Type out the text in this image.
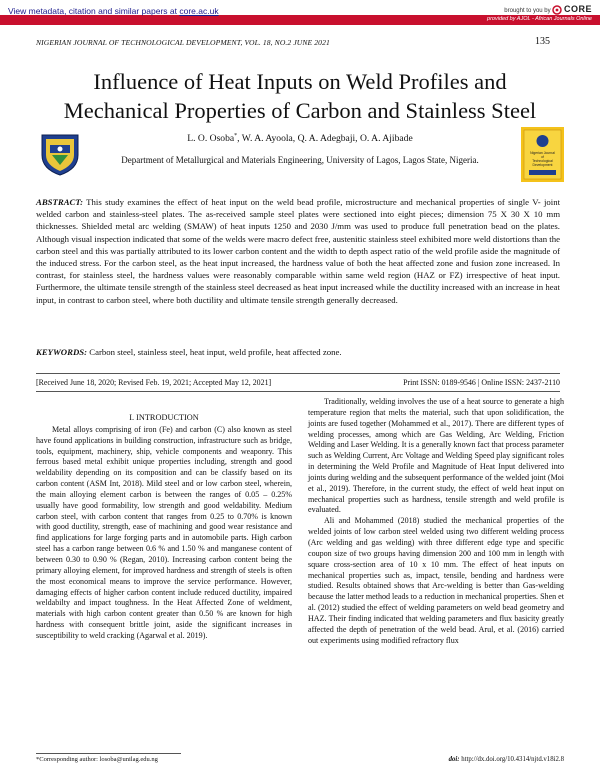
View metadata, citation and similar papers at core.ac.uk	brought to you by CORE
provided by AJOL - African Journals Online
NIGERIAN JOURNAL OF TECHNOLOGICAL DEVELOPMENT, VOL. 18, NO.2 JUNE 2021	135
Influence of Heat Inputs on Weld Profiles and
Mechanical Properties of Carbon and Stainless Steel
L. O. Osoba*, W. A. Ayoola, Q. A. Adegbaji, O. A. Ajibade
Department of Metallurgical and Materials Engineering, University of Lagos, Lagos State, Nigeria.
Nigerian Journal
of
Technological
Development
ABSTRACT: This study examines the effect of heat input on the weld bead profile, microstructure and mechanical properties of single V- joint welded carbon and stainless-steel plates. The as-received sample steel plates were sectioned into eight pieces; dimension 75 X 30 X 10 mm thicknesses. Shielded metal arc welding (SMAW) of heat inputs 1250 and 2030 J/mm was used to produce full penetration bead on the plates. Although visual inspection indicated that some of the welds were macro defect free, austenitic stainless steel exhibited more weld distortions than the carbon steel and this was partially attributed to its lower carbon content and the width to depth aspect ratio of the weld profile aside the magnitude of the induced stress. For the carbon steel, as the heat input increased, the hardness value of both the heat affected zone and fusion zone increased. In contrast, for stainless steel, the hardness values were reasonably comparable within same weld region (HAZ or FZ) irrespective of heat input. Furthermore, the ultimate tensile strength of the stainless steel decreased as heat input increased while the ductility increased with an increase in heat input, in contrast to carbon steel, where both ductility and ultimate tensile strength generally decreased.
KEYWORDS: Carbon steel, stainless steel, heat input, weld profile, heat affected zone.
[Received June 18, 2020; Revised Feb. 19, 2021; Accepted May 12, 2021]	Print ISSN: 0189-9546 | Online ISSN: 2437-2110

I. INTRODUCTION

Metal alloys comprising of iron (Fe) and carbon (C) also known as steel have found applications in building construction, infrastructure such as bridge, tools, equipment, machinery, ship, vehicle components and weaponry. This ferrous based metal exhibit unique properties including, strength and good weldability depending on its composition and can be classify based on its carbon content (ASM Int, 2018). Mild steel and or low carbon steel, wherein, the main alloying element carbon is between the ranges of 0.05 – 0.25% usually have good formability, low strength and good weldability. Medium carbon steel, with carbon content that ranges from 0.25 to 0.70% is known with good ductility, strength, ease of machining and good wear resistance and find applications for large forging parts and in automobile parts. High carbon steel has a carbon range between 0.6 % and 1.50 % and manganese content of between 0.30 to 0.90 % (Regan, 2010). Increasing carbon content being the primary alloying element, for improved hardness and strength of steels is often the most economical means to improve the service performance. However, damaging effects of higher carbon content include reduced ductility, impaired weldabilty and impact toughness. In the Heat Affected Zone of weldment, materials with high carbon content greater than 0.50 % are known for high hardness with consequent brittle joint, aside the significant increases in susceptibility to weld cracking (Agarwal et al. 2019).

Traditionally, welding involves the use of a heat source to generate a high temperature region that melts the material, such that upon solidification, the joints are fused together (Mohammed et al., 2017). There are different types of welding processes, among which are Gas Welding, Arc Welding, Friction Welding and Laser Welding. It is a generally known fact that process parameter such as Welding Current, Arc Voltage and Welding Speed play significant roles in determining the Weld Profile and Magnitude of Heat Input delivered into joints during welding and the subsequent performance of the welded joint (Moi et al., 2019). Therefore, in the current study, the effect of weld heat input on mechanical properties such as hardness, tensile strength and weld profile is evaluated.

Ali and Mohammed (2018) studied the mechanical properties of the welded joints of low carbon steel welded using two different welding process (Arc welding and gas welding) with three different edge type and specific coupon size of two groups having dimension 200 and 100 mm in length with square cross-section area of 10 x 10 mm. The effect of heat inputs on mechanical properties such as, impact, tensile, bending and hardness were studied. Results obtained shows that Arc-welding is better than Gas-welding because the latter method leads to a reduction in mechanical properties. Shen et al. (2012) studied the effect of welding parameters on weld bead geometry and HAZ. Their finding indicated that welding parameters and flux basicity greatly affected the depth of penetration of the weld bead. Arul, et al. (2016) carried out experiments using modified refractory flux

*Corresponding author: losoba@unilag.edu.ng	doi: http://dx.doi.org/10.4314/njtd.v18i2.8
